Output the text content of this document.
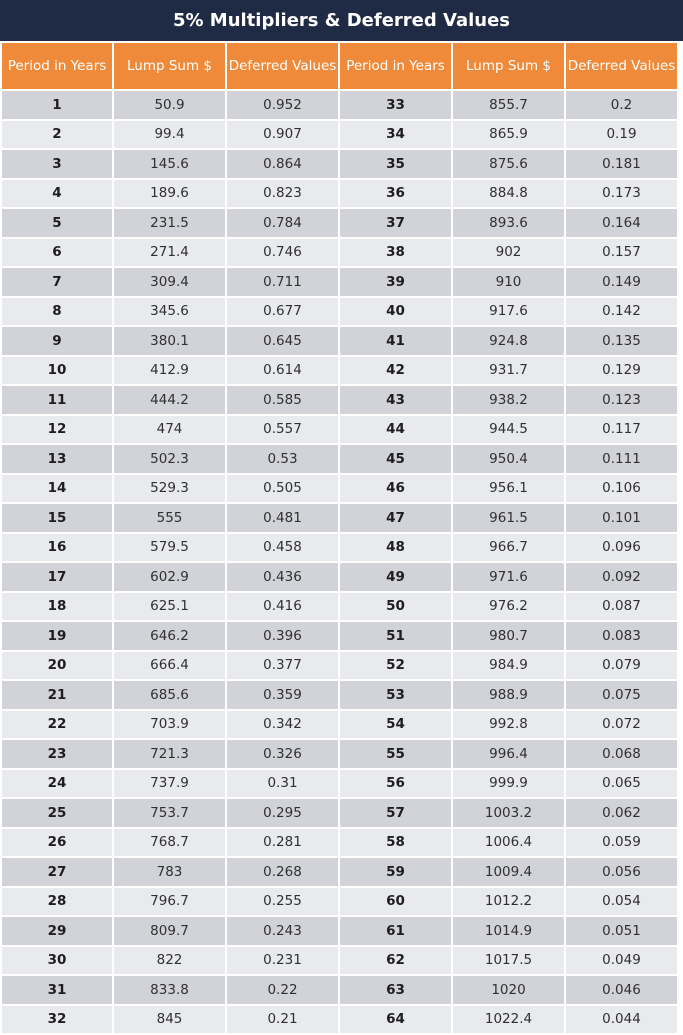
5% Multipliers & Deferred Values
Period in Years	Lump Sum $	Deferred Values	Period in Years	Lump Sum $	Deferred Values
1	50.9	0.952	33	855.7	0.2
2	99.4	0.907	34	865.9	0.19
3	145.6	0.864	35	875.6	0.181
4	189.6	0.823	36	884.8	0.173
5	231.5	0.784	37	893.6	0.164
6	271.4	0.746	38	902	0.157
7	309.4	0.711	39	910	0.149
8	345.6	0.677	40	917.6	0.142
9	380.1	0.645	41	924.8	0.135
10	412.9	0.614	42	931.7	0.129
11	444.2	0.585	43	938.2	0.123
12	474	0.557	44	944.5	0.117
13	502.3	0.53	45	950.4	0.111
14	529.3	0.505	46	956.1	0.106
15	555	0.481	47	961.5	0.101
16	579.5	0.458	48	966.7	0.096
17	602.9	0.436	49	971.6	0.092
18	625.1	0.416	50	976.2	0.087
19	646.2	0.396	51	980.7	0.083
20	666.4	0.377	52	984.9	0.079
21	685.6	0.359	53	988.9	0.075
22	703.9	0.342	54	992.8	0.072
23	721.3	0.326	55	996.4	0.068
24	737.9	0.31	56	999.9	0.065
25	753.7	0.295	57	1003.2	0.062
26	768.7	0.281	58	1006.4	0.059
27	783	0.268	59	1009.4	0.056
28	796.7	0.255	60	1012.2	0.054
29	809.7	0.243	61	1014.9	0.051
30	822	0.231	62	1017.5	0.049
31	833.8	0.22	63	1020	0.046
32	845	0.21	64	1022.4	0.044
